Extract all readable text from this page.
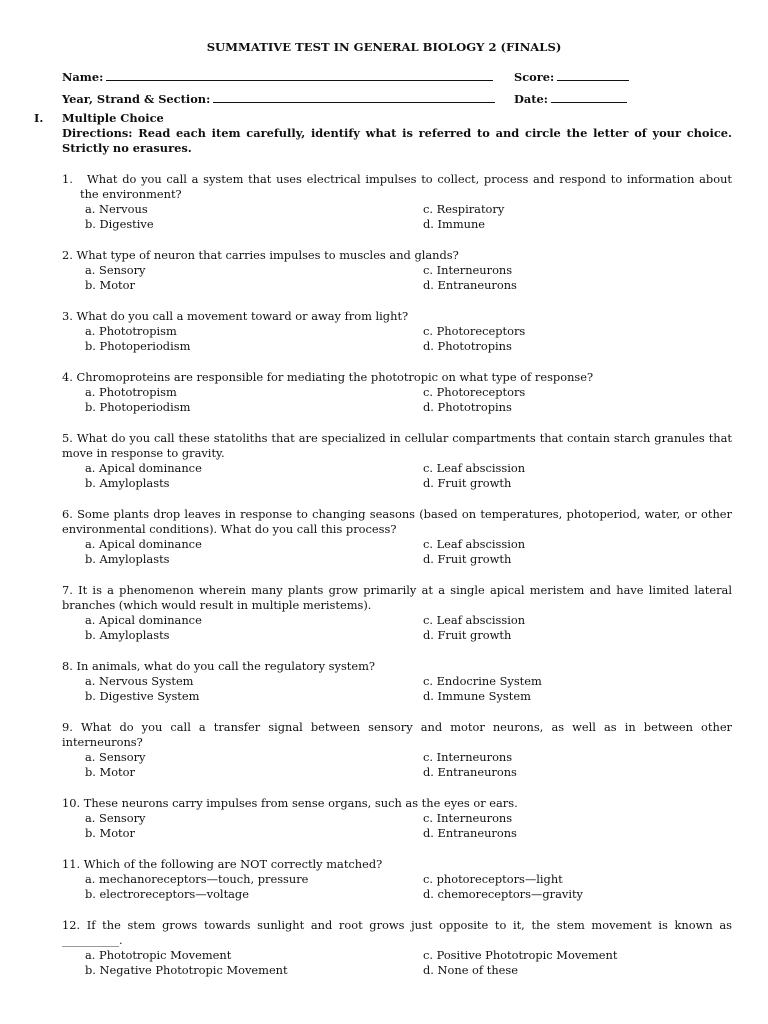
SUMMATIVE TEST IN GENERAL BIOLOGY 2 (FINALS)
Name:	Score:
Year, Strand & Section:	Date:
I. Multiple Choice
Directions: Read each item carefully, identify what is referred to and circle the letter of your choice. Strictly no erasures.
1.   What do you call a system that uses electrical impulses to collect, process and respond to information about the environment?
a. Nervous	c. Respiratory
b. Digestive	d. Immune
2. What type of neuron that carries impulses to muscles and glands?
a. Sensory	c. Interneurons
b. Motor	d. Entraneurons
3. What do you call a movement toward or away from light?
a. Phototropism	c. Photoreceptors
b. Photoperiodism	d. Phototropins
4. Chromoproteins are responsible for mediating the phototropic on what type of response?
a. Phototropism	c. Photoreceptors
b. Photoperiodism	d. Phototropins
5. What do you call these statoliths that are specialized in cellular compartments that contain starch granules that move in response to gravity.
a. Apical dominance	c. Leaf abscission
b. Amyloplasts	d. Fruit growth
6. Some plants drop leaves in response to changing seasons (based on temperatures, photoperiod, water, or other environmental conditions). What do you call this process?
a. Apical dominance	c. Leaf abscission
b. Amyloplasts	d. Fruit growth
7. It is a phenomenon wherein many plants grow primarily at a single apical meristem and have limited lateral branches (which would result in multiple meristems).
a. Apical dominance	c. Leaf abscission
b. Amyloplasts	d. Fruit growth
8. In animals, what do you call the regulatory system?
a. Nervous System	c. Endocrine System
b. Digestive System	d. Immune System
9. What do you call a transfer signal between sensory and motor neurons, as well as in between other interneurons?
a. Sensory	c. Interneurons
b. Motor	d. Entraneurons
10. These neurons carry impulses from sense organs, such as the eyes or ears.
a. Sensory	c. Interneurons
b. Motor	d. Entraneurons
11. Which of the following are NOT correctly matched?
a. mechanoreceptors—touch, pressure	c. photoreceptors—light
b. electroreceptors—voltage	d. chemoreceptors—gravity
12. If the stem grows towards sunlight and root grows just opposite to it, the stem movement is known as __________.
a. Phototropic Movement	c. Positive Phototropic Movement
b. Negative Phototropic Movement	d. None of these
